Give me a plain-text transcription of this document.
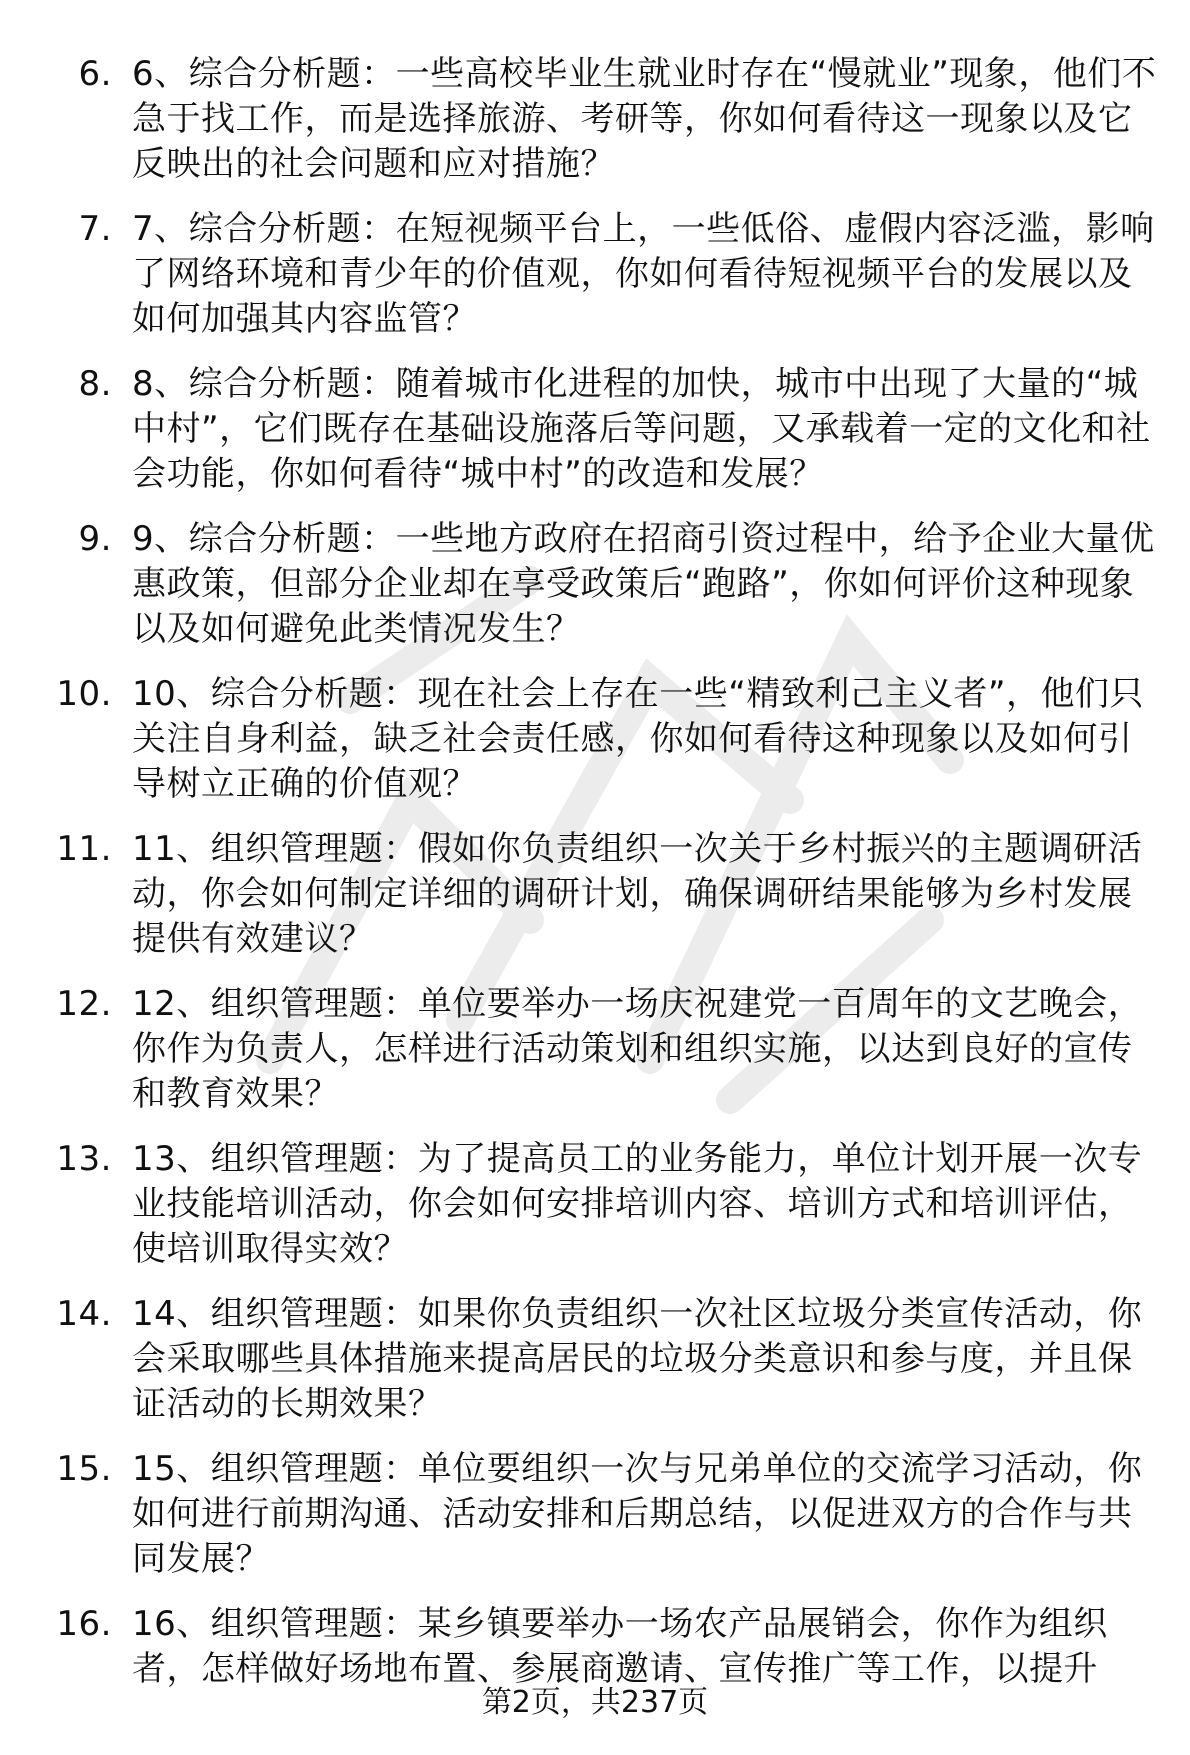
6. 6、综合分析题：一些高校毕业生就业时存在“慢就业”现象，他们不急于找工作，而是选择旅游、考研等，你如何看待这一现象以及它反映出的社会问题和应对措施？
7. 7、综合分析题：在短视频平台上，一些低俗、虚假内容泛滥，影响了网络环境和青少年的价值观，你如何看待短视频平台的发展以及如何加强其内容监管？
8. 8、综合分析题：随着城市化进程的加快，城市中出现了大量的“城中村”，它们既存在基础设施落后等问题，又承载着一定的文化和社会功能，你如何看待“城中村”的改造和发展？
9. 9、综合分析题：一些地方政府在招商引资过程中，给予企业大量优惠政策，但部分企业却在享受政策后“跑路”，你如何评价这种现象以及如何避免此类情况发生？
10. 10、综合分析题：现在社会上存在一些“精致利己主义者”，他们只关注自身利益，缺乏社会责任感，你如何看待这种现象以及如何引导树立正确的价值观？
11. 11、组织管理题：假如你负责组织一次关于乡村振兴的主题调研活动，你会如何制定详细的调研计划，确保调研结果能够为乡村发展提供有效建议？
12. 12、组织管理题：单位要举办一场庆祝建党一百周年的文艺晚会，你作为负责人，怎样进行活动策划和组织实施，以达到良好的宣传和教育效果？
13. 13、组织管理题：为了提高员工的业务能力，单位计划开展一次专业技能培训活动，你会如何安排培训内容、培训方式和培训评估，使培训取得实效？
14. 14、组织管理题：如果你负责组织一次社区垃圾分类宣传活动，你会采取哪些具体措施来提高居民的垃圾分类意识和参与度，并且保证活动的长期效果？
15. 15、组织管理题：单位要组织一次与兄弟单位的交流学习活动，你如何进行前期沟通、活动安排和后期总结，以促进双方的合作与共同发展？
16. 16、组织管理题：某乡镇要举办一场农产品展销会，你作为组织者，怎样做好场地布置、参展商邀请、宣传推广等工作，以提升
第2页，共237页
